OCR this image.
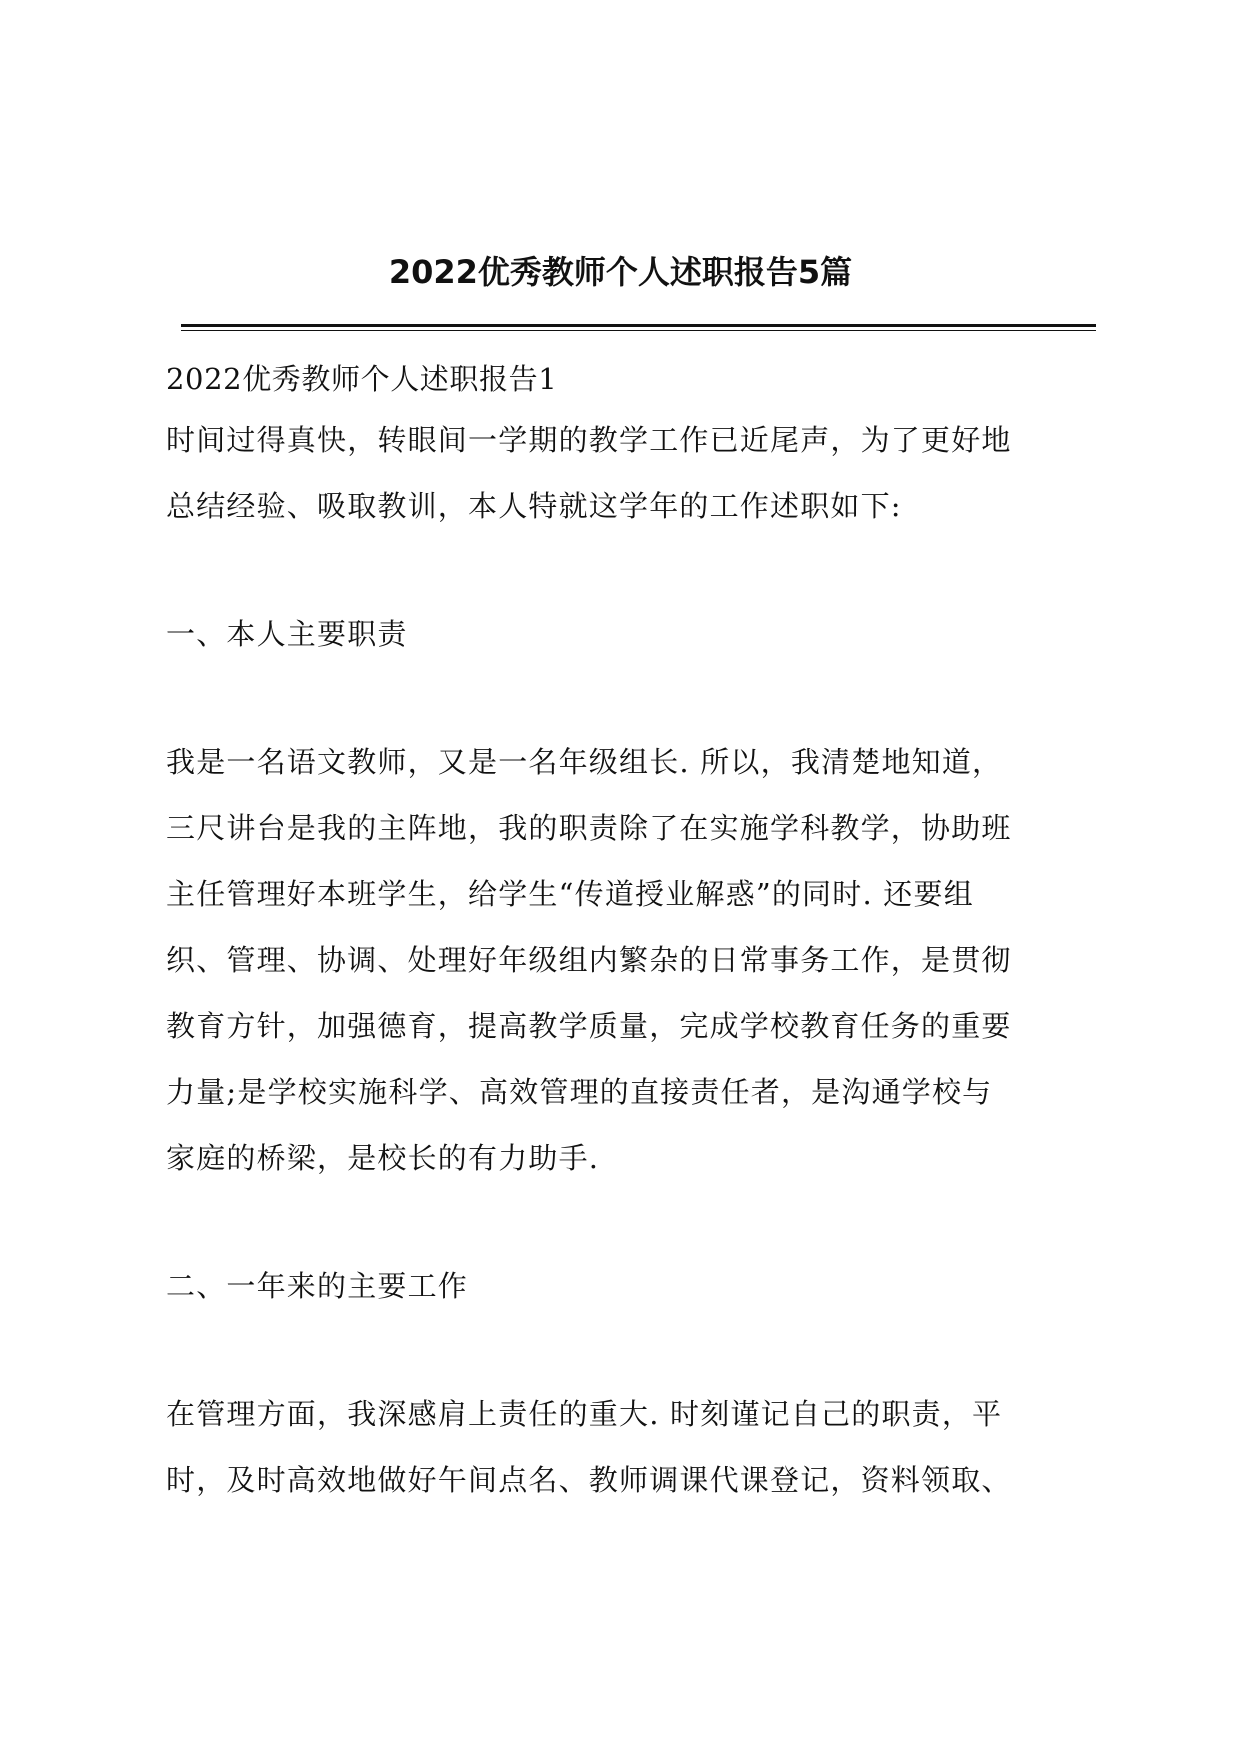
2022优秀教师个人述职报告5篇
2022优秀教师个人述职报告1
时间过得真快，转眼间一学期的教学工作已近尾声，为了更好地
总结经验、吸取教训，本人特就这学年的工作述职如下:
一、本人主要职责
我是一名语文教师，又是一名年级组长. 所以，我清楚地知道，
三尺讲台是我的主阵地，我的职责除了在实施学科教学，协助班
主任管理好本班学生，给学生“传道授业解惑”的同时. 还要组
织、管理、协调、处理好年级组内繁杂的日常事务工作，是贯彻
教育方针，加强德育，提高教学质量，完成学校教育任务的重要
力量;是学校实施科学、高效管理的直接责任者，是沟通学校与
家庭的桥梁，是校长的有力助手.
二、一年来的主要工作
在管理方面，我深感肩上责任的重大. 时刻谨记自己的职责，平
时，及时高效地做好午间点名、教师调课代课登记，资料领取、
